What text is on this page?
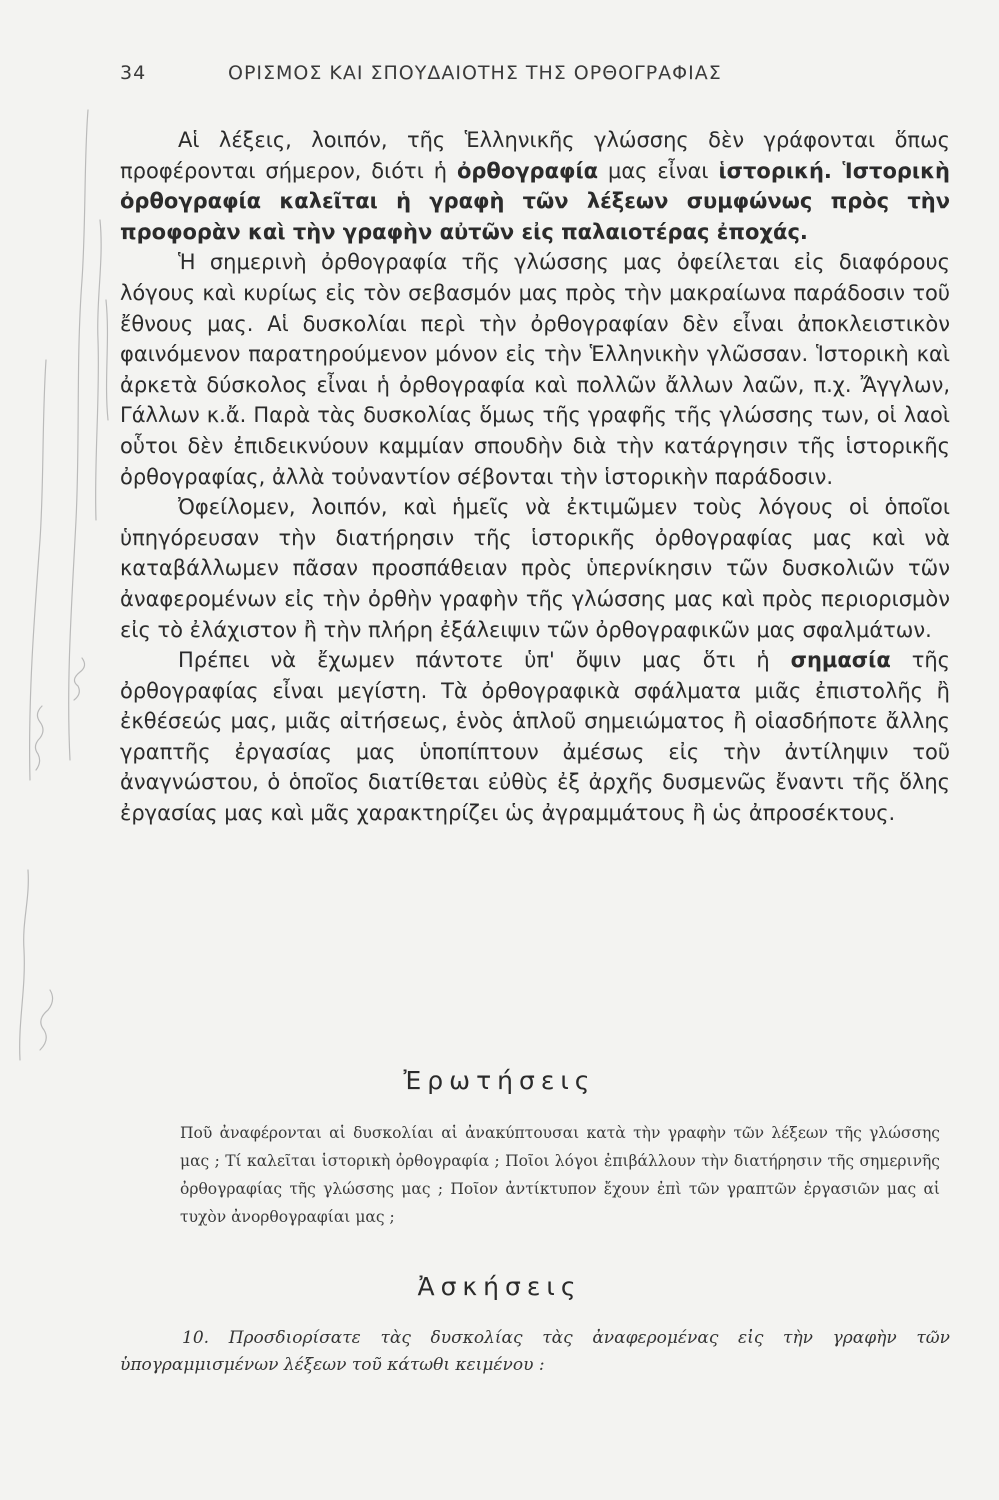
34	ΟΡΙΣΜΟΣ ΚΑΙ ΣΠΟΥΔΑΙΟΤΗΣ ΤΗΣ ΟΡΘΟΓΡΑΦΙΑΣ

Αἱ λέξεις, λοιπόν, τῆς Ἑλληνικῆς γλώσσης δὲν γράφονται ὅπως προφέρονται σήμερον, διότι ἡ ὀρθογραφία μας εἶναι ἱστορική. Ἱστορικὴ ὀρθογραφία καλεῖται ἡ γραφὴ τῶν λέξεων συμφώνως πρὸς τὴν προφορὰν καὶ τὴν γραφὴν αὐτῶν εἰς παλαιοτέρας ἐποχάς.

Ἡ σημερινὴ ὀρθογραφία τῆς γλώσσης μας ὀφείλεται εἰς διαφόρους λόγους καὶ κυρίως εἰς τὸν σεβασμόν μας πρὸς τὴν μακραίωνα παράδοσιν τοῦ ἔθνους μας. Αἱ δυσκολίαι περὶ τὴν ὀρθογραφίαν δὲν εἶναι ἀποκλειστικὸν φαινόμενον παρατηρούμενον μόνον εἰς τὴν Ἑλληνικὴν γλῶσσαν. Ἱστορικὴ καὶ ἀρκετὰ δύσκολος εἶναι ἡ ὀρθογραφία καὶ πολλῶν ἄλλων λαῶν, π.χ. Ἄγγλων, Γάλλων κ.ἄ. Παρὰ τὰς δυσκολίας ὅμως τῆς γραφῆς τῆς γλώσσης των, οἱ λαοὶ οὗτοι δὲν ἐπιδεικνύουν καμμίαν σπουδὴν διὰ τὴν κατάργησιν τῆς ἱστορικῆς ὀρθογραφίας, ἀλλὰ τοὐναντίον σέβονται τὴν ἱστορικὴν παράδοσιν.

Ὀφείλομεν, λοιπόν, καὶ ἡμεῖς νὰ ἐκτιμῶμεν τοὺς λόγους οἱ ὁποῖοι ὑπηγόρευσαν τὴν διατήρησιν τῆς ἱστορικῆς ὀρθογραφίας μας καὶ νὰ καταβάλλωμεν πᾶσαν προσπάθειαν πρὸς ὑπερνίκησιν τῶν δυσκολιῶν τῶν ἀναφερομένων εἰς τὴν ὀρθὴν γραφὴν τῆς γλώσσης μας καὶ πρὸς περιορισμὸν εἰς τὸ ἐλάχιστον ἢ τὴν πλήρη ἐξάλειψιν τῶν ὀρθογραφικῶν μας σφαλμάτων.

Πρέπει νὰ ἔχωμεν πάντοτε ὑπ' ὄψιν μας ὅτι ἡ σημασία τῆς ὀρθογραφίας εἶναι μεγίστη. Τὰ ὀρθογραφικὰ σφάλματα μιᾶς ἐπιστολῆς ἢ ἐκθέσεώς μας, μιᾶς αἰτήσεως, ἑνὸς ἁπλοῦ σημειώματος ἢ οἱασδήποτε ἄλλης γραπτῆς ἐργασίας μας ὑποπίπτουν ἀμέσως εἰς τὴν ἀντίληψιν τοῦ ἀναγνώστου, ὁ ὁποῖος διατίθεται εὐθὺς ἐξ ἀρχῆς δυσμενῶς ἔναντι τῆς ὅλης ἐργασίας μας καὶ μᾶς χαρακτηρίζει ὡς ἀγραμμάτους ἢ ὡς ἀπροσέκτους.

Ἐρωτήσεις
Ποῦ ἀναφέρονται αἱ δυσκολίαι αἱ ἀνακύπτουσαι κατὰ τὴν γραφὴν τῶν λέξεων τῆς γλώσσης μας ; Τί καλεῖται ἱστορικὴ ὀρθογραφία ; Ποῖοι λόγοι ἐπιβάλλουν τὴν διατήρησιν τῆς σημερινῆς ὀρθογραφίας τῆς γλώσσης μας ; Ποῖον ἀντίκτυπον ἔχουν ἐπὶ τῶν γραπτῶν ἐργασιῶν μας αἱ τυχὸν ἀνορθογραφίαι μας ;
Ἀσκήσεις
10. Προσδιορίσατε τὰς δυσκολίας τὰς ἀναφερομένας εἰς τὴν γραφὴν τῶν ὑπογραμμισμένων λέξεων τοῦ κάτωθι κειμένου :
